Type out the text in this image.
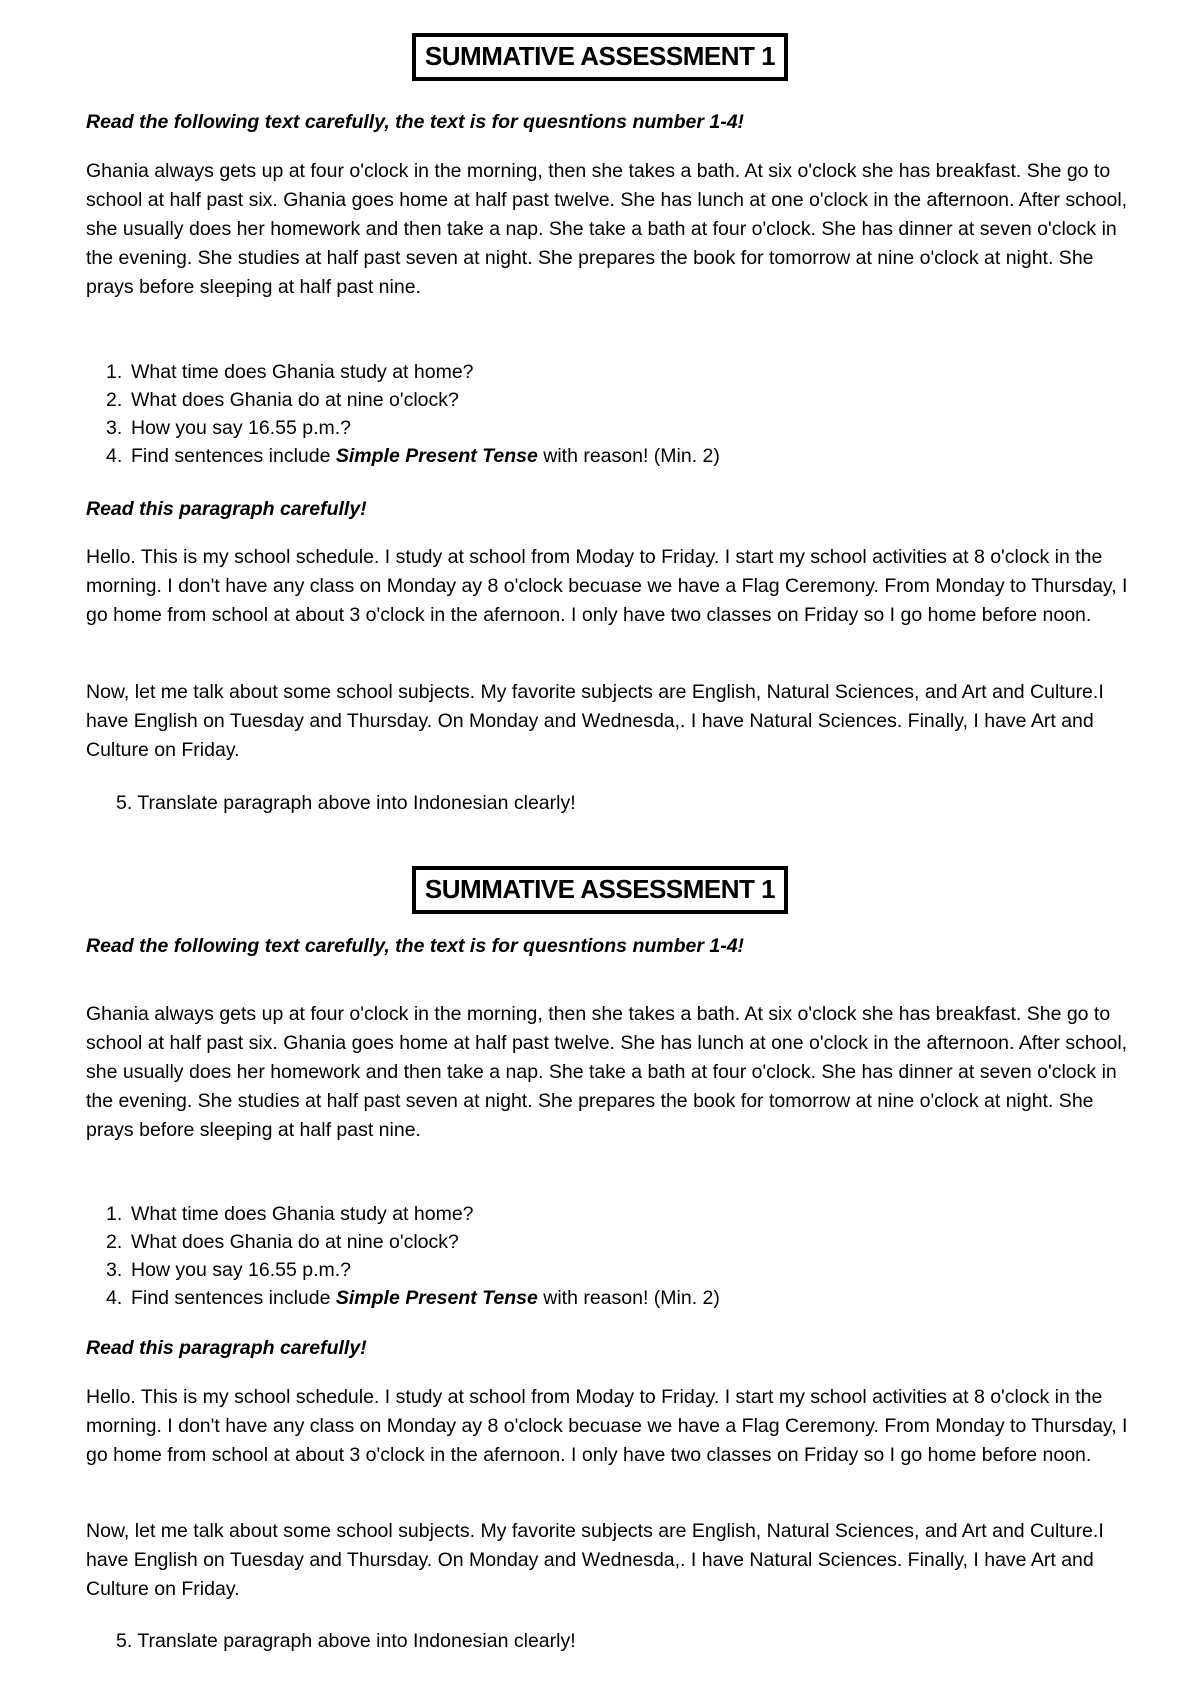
SUMMATIVE ASSESSMENT 1
Read the following text carefully, the text is for quesntions number 1-4!
Ghania always gets up at four o'clock in the morning, then she takes a bath. At six o'clock she has breakfast. She go to school at half past six. Ghania goes home at half past twelve. She has lunch at one o'clock in the afternoon. After school, she usually does her homework and then take a nap. She take a bath at four o'clock. She has dinner at seven o'clock in the evening. She studies at half past seven at night. She prepares the book for tomorrow at nine o'clock at night. She prays before sleeping at half past nine.
1. What time does Ghania study at home?
2. What does Ghania do at nine o'clock?
3. How you say 16.55 p.m.?
4. Find sentences include Simple Present Tense with reason! (Min. 2)
Read this paragraph carefully!
Hello. This is my school schedule. I study at school from Moday to Friday. I start my school activities at 8 o'clock in the morning. I don't have any class on Monday ay 8 o'clock becuase we have a Flag Ceremony. From Monday to Thursday, I go home from school at about 3 o'clock in the afernoon. I only have two classes on Friday so I go home before noon.
Now, let me talk about some school subjects. My favorite subjects are English, Natural Sciences, and Art and Culture.I have English on Tuesday and Thursday. On Monday and Wednesda,. I have Natural Sciences. Finally, I have Art and Culture on Friday.
5. Translate paragraph above into Indonesian clearly!
SUMMATIVE ASSESSMENT 1
Read the following text carefully, the text is for quesntions number 1-4!
Ghania always gets up at four o'clock in the morning, then she takes a bath. At six o'clock she has breakfast. She go to school at half past six. Ghania goes home at half past twelve. She has lunch at one o'clock in the afternoon. After school, she usually does her homework and then take a nap. She take a bath at four o'clock. She has dinner at seven o'clock in the evening. She studies at half past seven at night. She prepares the book for tomorrow at nine o'clock at night. She prays before sleeping at half past nine.
1. What time does Ghania study at home?
2. What does Ghania do at nine o'clock?
3. How you say 16.55 p.m.?
4. Find sentences include Simple Present Tense with reason! (Min. 2)
Read this paragraph carefully!
Hello. This is my school schedule. I study at school from Moday to Friday. I start my school activities at 8 o'clock in the morning. I don't have any class on Monday ay 8 o'clock becuase we have a Flag Ceremony. From Monday to Thursday, I go home from school at about 3 o'clock in the afernoon. I only have two classes on Friday so I go home before noon.
Now, let me talk about some school subjects. My favorite subjects are English, Natural Sciences, and Art and Culture.I have English on Tuesday and Thursday. On Monday and Wednesda,. I have Natural Sciences. Finally, I have Art and Culture on Friday.
5. Translate paragraph above into Indonesian clearly!
